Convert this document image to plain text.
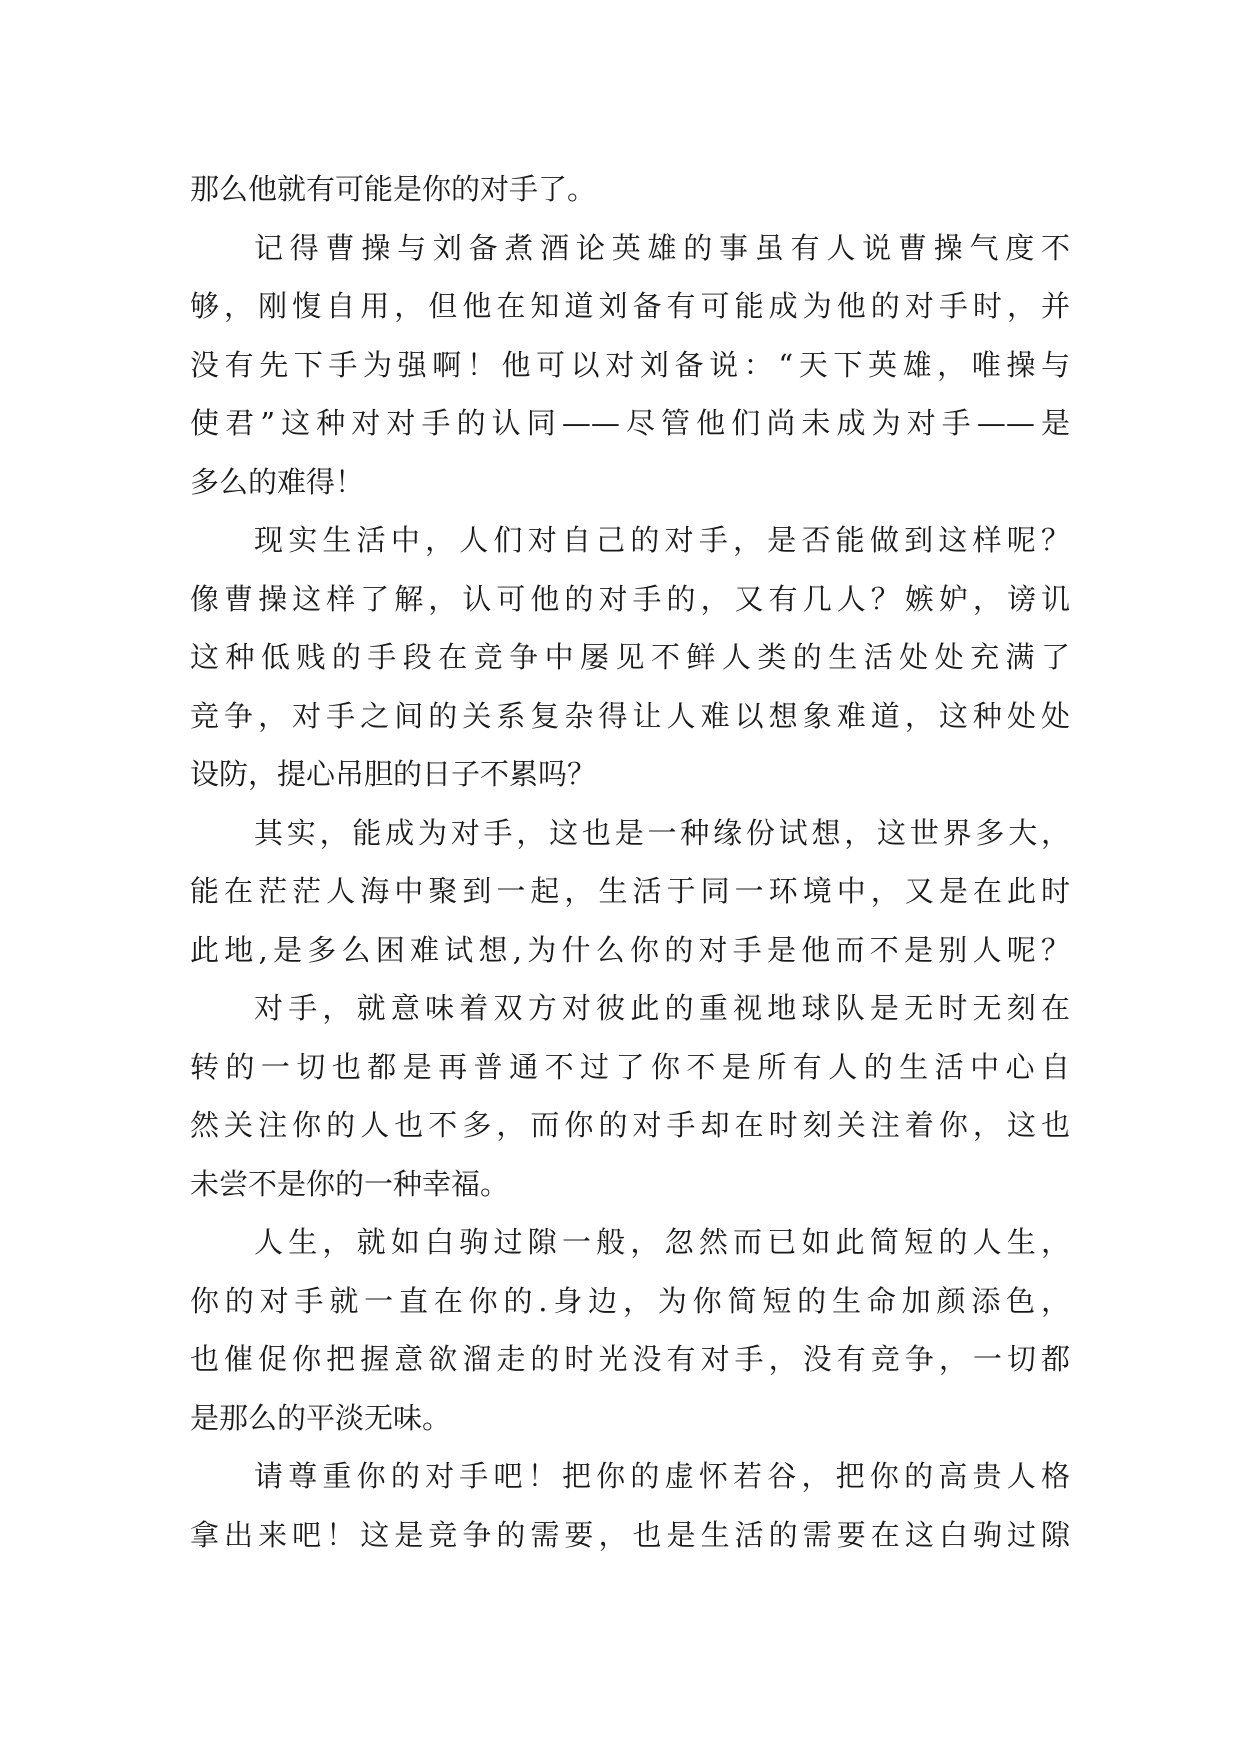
那么他就有可能是你的对手了。
记得曹操与刘备煮酒论英雄的事虽有人说曹操气度不
够，刚愎自用，但他在知道刘备有可能成为他的对手时，并
没有先下手为强啊！他可以对刘备说：“天下英雄，唯操与
使君”这种对对手的认同——尽管他们尚未成为对手——是
多么的难得！
现实生活中，人们对自己的对手，是否能做到这样呢？
像曹操这样了解，认可他的对手的，又有几人？嫉妒，谤讥
这种低贱的手段在竞争中屡见不鲜人类的生活处处充满了
竞争，对手之间的关系复杂得让人难以想象难道，这种处处
设防，提心吊胆的日子不累吗？
其实，能成为对手，这也是一种缘份试想，这世界多大，
能在茫茫人海中聚到一起，生活于同一环境中，又是在此时
此地,是多么困难试想,为什么你的对手是他而不是别人呢？
对手，就意味着双方对彼此的重视地球队是无时无刻在
转的一切也都是再普通不过了你不是所有人的生活中心自
然关注你的人也不多，而你的对手却在时刻关注着你，这也
未尝不是你的一种幸福。
人生，就如白驹过隙一般，忽然而已如此简短的人生，
你的对手就一直在你的.身边，为你简短的生命加颜添色，
也催促你把握意欲溜走的时光没有对手，没有竞争，一切都
是那么的平淡无味。
请尊重你的对手吧！把你的虚怀若谷，把你的高贵人格
拿出来吧！这是竞争的需要，也是生活的需要在这白驹过隙
